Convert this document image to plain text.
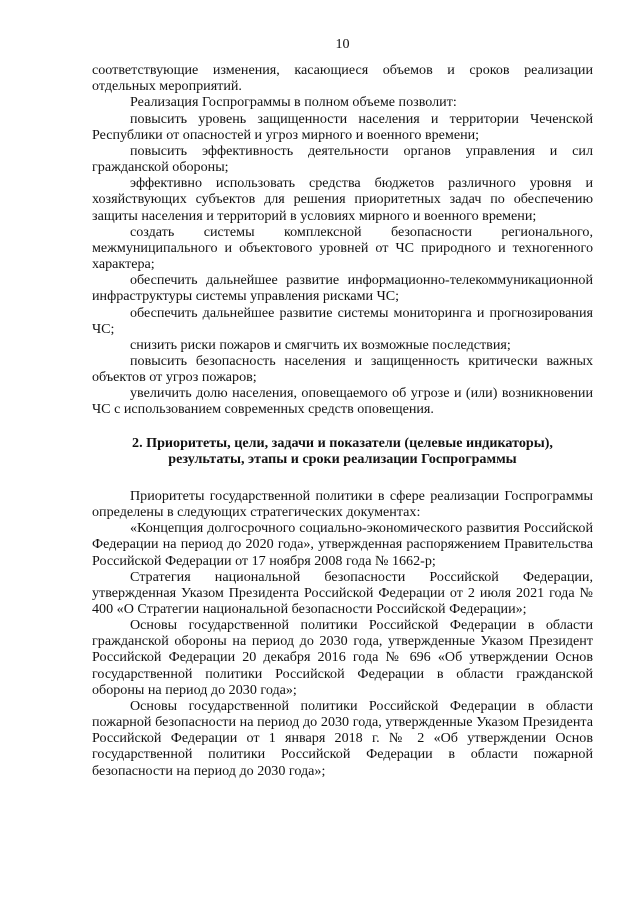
10

соответствующие изменения, касающиеся объемов и сроков реализации отдельных мероприятий.

Реализация Госпрограммы в полном объеме позволит:

повысить уровень защищенности населения и территории Чеченской Республики от опасностей и угроз мирного и военного времени;

повысить эффективность деятельности органов управления и сил гражданской обороны;

эффективно использовать средства бюджетов различного уровня и хозяйствующих субъектов для решения приоритетных задач по обеспечению защиты населения и территорий в условиях мирного и военного времени;

создать системы комплексной безопасности регионального, межмуниципального и объектового уровней от ЧС природного и техногенного характера;

обеспечить дальнейшее развитие информационно-телекоммуникационной инфраструктуры системы управления рисками ЧС;

обеспечить дальнейшее развитие системы мониторинга и прогнозирования ЧС;

снизить риски пожаров и смягчить их возможные последствия;

повысить безопасность населения и защищенность критически важных объектов от угроз пожаров;

увеличить долю населения, оповещаемого об угрозе и (или) возникновении ЧС с использованием современных средств оповещения.

2. Приоритеты, цели, задачи и показатели (целевые индикаторы),
результаты, этапы и сроки реализации Госпрограммы

Приоритеты государственной политики в сфере реализации Госпрограммы определены в следующих стратегических документах:

«Концепция долгосрочного социально-экономического развития Российской Федерации на период до 2020 года», утвержденная распоряжением Правительства Российской Федерации от 17 ноября 2008 года № 1662-р;

Стратегия национальной безопасности Российской Федерации, утвержденная Указом Президента Российской Федерации от 2 июля 2021 года № 400 «О Стратегии национальной безопасности Российской Федерации»;

Основы государственной политики Российской Федерации в области гражданской обороны на период до 2030 года, утвержденные Указом Президент Российской Федерации 20 декабря 2016 года № 696 «Об утверждении Основ государственной политики Российской Федерации в области гражданской обороны на период до 2030 года»;

Основы государственной политики Российской Федерации в области пожарной безопасности на период до 2030 года, утвержденные Указом Президента Российской Федерации от 1 января 2018 г. № 2 «Об утверждении Основ государственной политики Российской Федерации в области пожарной безопасности на период до 2030 года»;
